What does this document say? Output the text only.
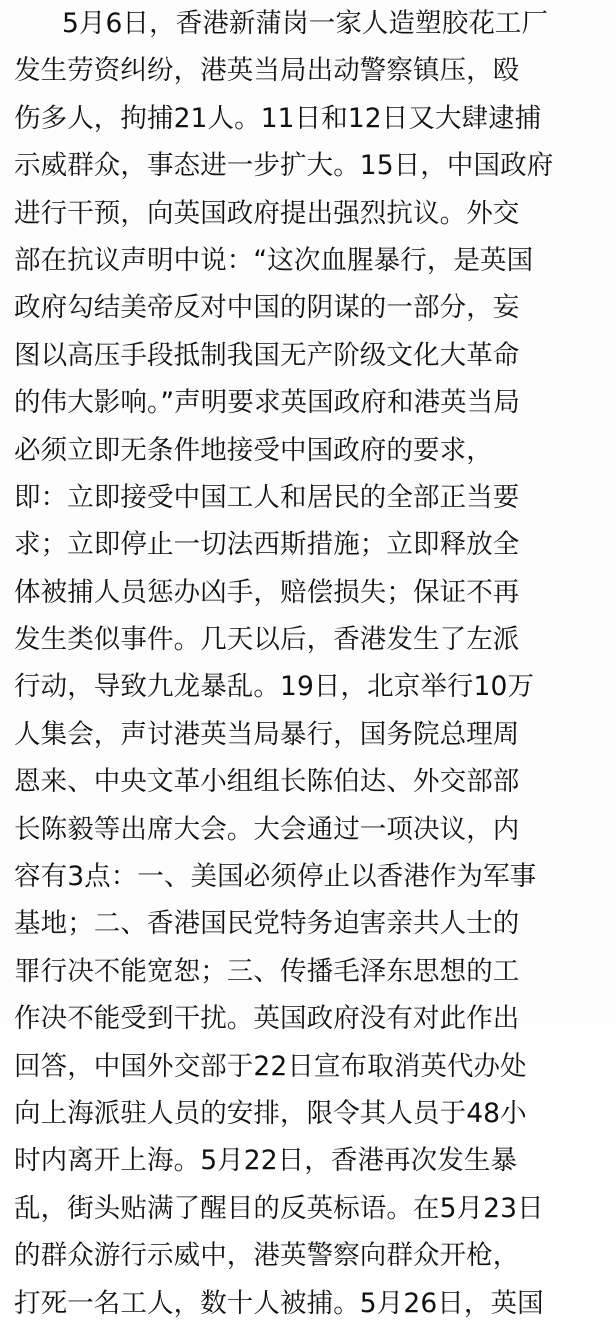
5月6日，香港新蒲岗一家人造塑胶花工厂
发生劳资纠纷，港英当局出动警察镇压，殴
伤多人，拘捕21人。11日和12日又大肆逮捕
示威群众，事态进一步扩大。15日，中国政府
进行干预，向英国政府提出强烈抗议。外交
部在抗议声明中说：“这次血腥暴行，是英国
政府勾结美帝反对中国的阴谋的一部分，妄
图以高压手段抵制我国无产阶级文化大革命
的伟大影响。”声明要求英国政府和港英当局
必须立即无条件地接受中国政府的要求，
即：立即接受中国工人和居民的全部正当要
求；立即停止一切法西斯措施；立即释放全
体被捕人员惩办凶手，赔偿损失；保证不再
发生类似事件。几天以后，香港发生了左派
行动，导致九龙暴乱。19日，北京举行10万
人集会，声讨港英当局暴行，国务院总理周
恩来、中央文革小组组长陈伯达、外交部部
长陈毅等出席大会。大会通过一项决议，内
容有3点：一、美国必须停止以香港作为军事
基地；二、香港国民党特务迫害亲共人士的
罪行决不能宽恕；三、传播毛泽东思想的工
作决不能受到干扰。英国政府没有对此作出
回答，中国外交部于22日宣布取消英代办处
向上海派驻人员的安排，限令其人员于48小
时内离开上海。5月22日，香港再次发生暴
乱，街头贴满了醒目的反英标语。在5月23日
的群众游行示威中，港英警察向群众开枪，
打死一名工人，数十人被捕。5月26日，英国
